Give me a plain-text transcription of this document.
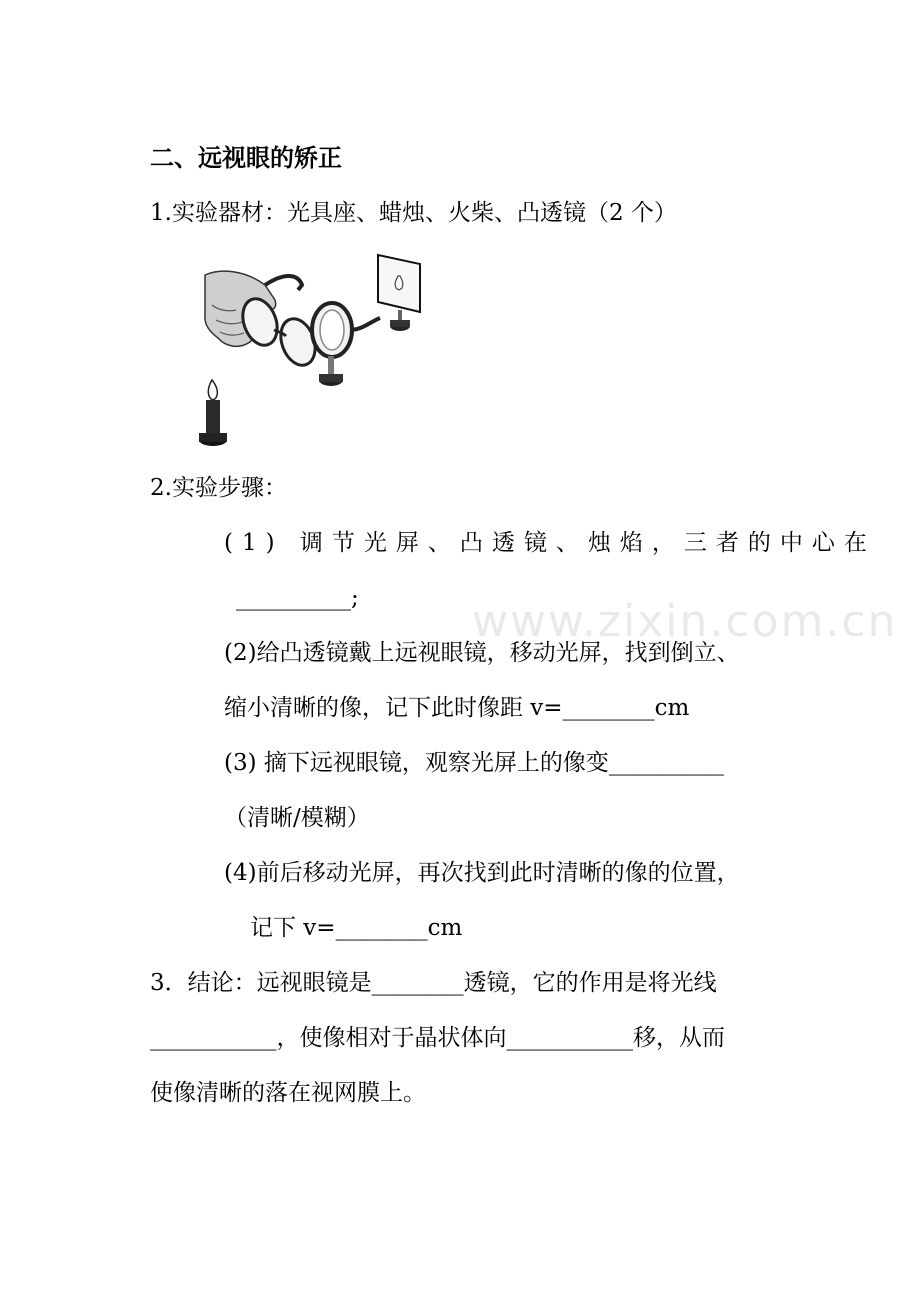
www.zixin.com.cn
二、远视眼的矫正
1.实验器材：光具座、蜡烛、火柴、凸透镜（2 个）
2.实验步骤：
(1) 调节光屏、凸透镜、烛焰，三者的中心在
__________;
(2)给凸透镜戴上远视眼镜，移动光屏，找到倒立、
缩小清晰的像，记下此时像距 v=________cm
(3) 摘下远视眼镜，观察光屏上的像变__________
（清晰/模糊）
(4)前后移动光屏，再次找到此时清晰的像的位置，
记下 v=________cm
3．结论：远视眼镜是________透镜，它的作用是将光线
___________，使像相对于晶状体向___________移，从而
使像清晰的落在视网膜上。
